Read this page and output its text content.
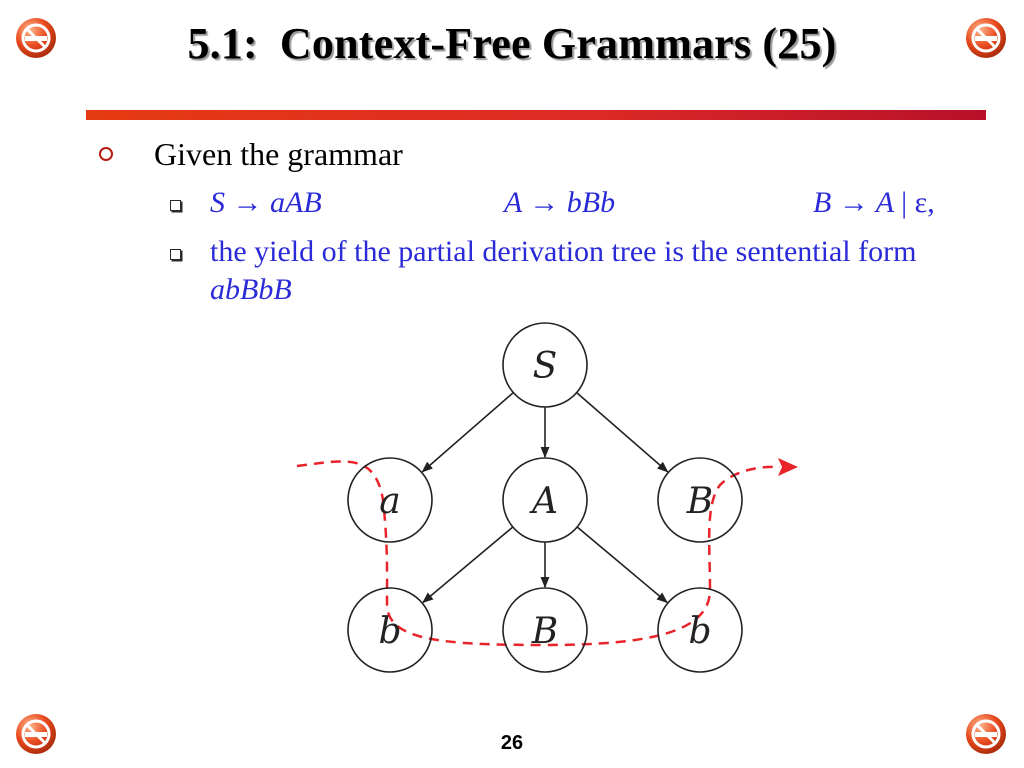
5.1: Context-Free Grammars (25)
Given the grammar
S → aAB	A → bBb	B → A | ε,
the yield of the partial derivation tree is the sentential form abBbB
S
a	A	B
b	B	b
26
